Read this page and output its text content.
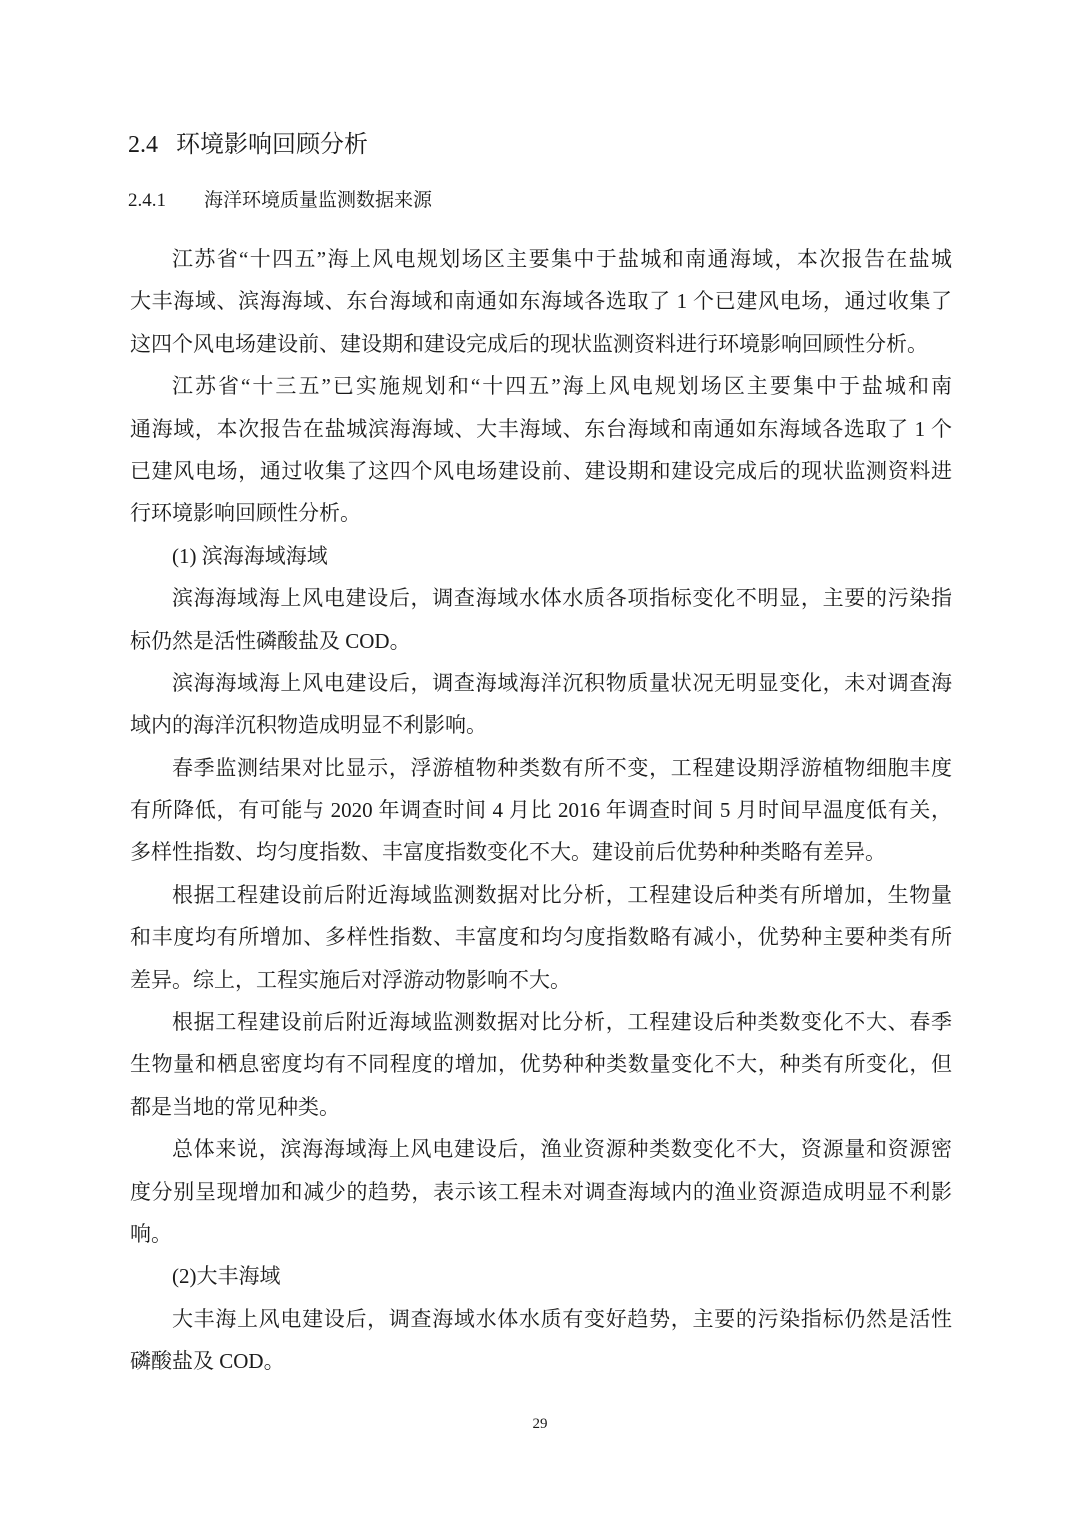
2.4 环境影响回顾分析
2.4.1 海洋环境质量监测数据来源
江苏省“十四五”海上风电规划场区主要集中于盐城和南通海域，本次报告在盐城
大丰海域、滨海海域、东台海域和南通如东海域各选取了 1 个已建风电场，通过收集了
这四个风电场建设前、建设期和建设完成后的现状监测资料进行环境影响回顾性分析。
江苏省“十三五”已实施规划和“十四五”海上风电规划场区主要集中于盐城和南
通海域，本次报告在盐城滨海海域、大丰海域、东台海域和南通如东海域各选取了 1 个
已建风电场，通过收集了这四个风电场建设前、建设期和建设完成后的现状监测资料进
行环境影响回顾性分析。
(1) 滨海海域海域
滨海海域海上风电建设后，调查海域水体水质各项指标变化不明显，主要的污染指
标仍然是活性磷酸盐及 COD。
滨海海域海上风电建设后，调查海域海洋沉积物质量状况无明显变化，未对调查海
域内的海洋沉积物造成明显不利影响。
春季监测结果对比显示，浮游植物种类数有所不变，工程建设期浮游植物细胞丰度
有所降低，有可能与 2020 年调查时间 4 月比 2016 年调查时间 5 月时间早温度低有关，
多样性指数、均匀度指数、丰富度指数变化不大。建设前后优势种种类略有差异。
根据工程建设前后附近海域监测数据对比分析，工程建设后种类有所增加，生物量
和丰度均有所增加、多样性指数、丰富度和均匀度指数略有减小，优势种主要种类有所
差异。综上，工程实施后对浮游动物影响不大。
根据工程建设前后附近海域监测数据对比分析，工程建设后种类数变化不大、春季
生物量和栖息密度均有不同程度的增加，优势种种类数量变化不大，种类有所变化，但
都是当地的常见种类。
总体来说，滨海海域海上风电建设后，渔业资源种类数变化不大，资源量和资源密
度分别呈现增加和减少的趋势，表示该工程未对调查海域内的渔业资源造成明显不利影
响。
(2)大丰海域
大丰海上风电建设后，调查海域水体水质有变好趋势，主要的污染指标仍然是活性
磷酸盐及 COD。
29
